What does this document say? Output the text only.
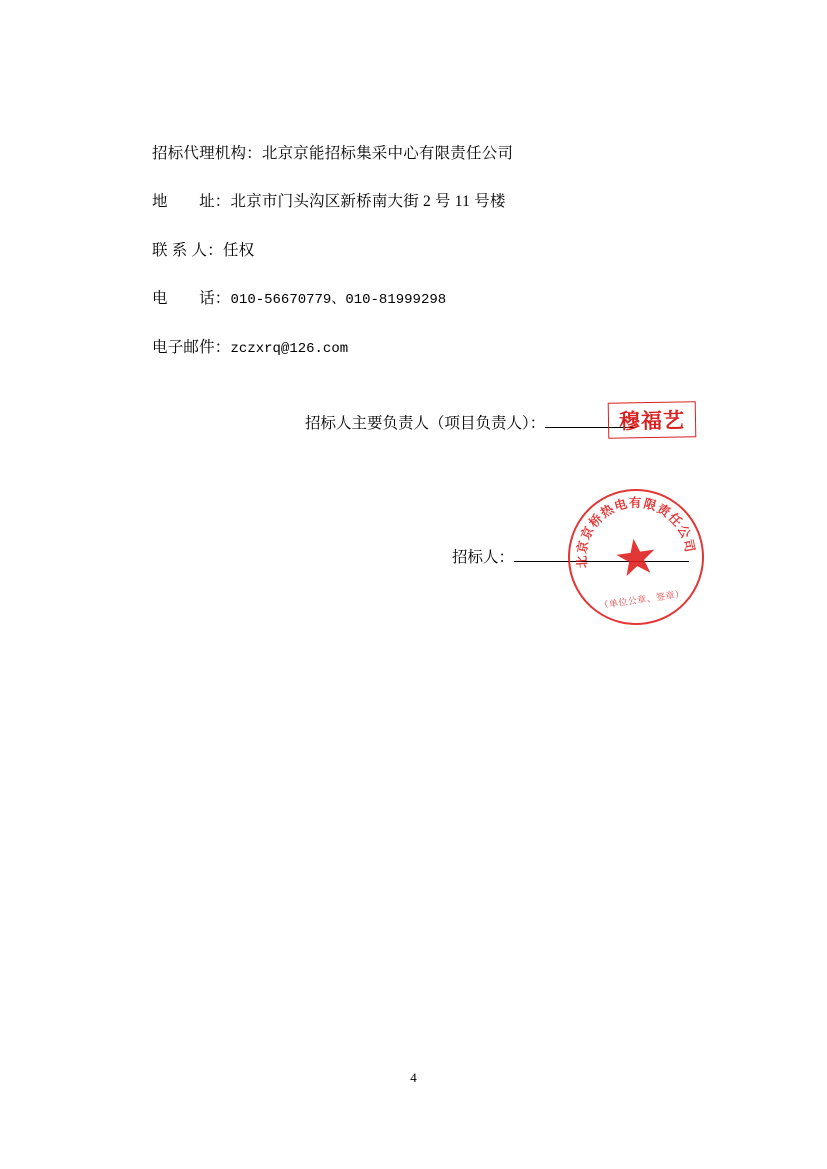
招标代理机构：北京京能招标集采中心有限责任公司
地　　址：北京市门头沟区新桥南大街 2 号 11 号楼
联 系 人：任权
电　　话：010-56670779、010-81999298
电子邮件：zczxrq@126.com
招标人主要负责人（项目负责人）：	穆福艺
招标人：	北京京桥热电有限责任公司
（单位公章、签章）
4
